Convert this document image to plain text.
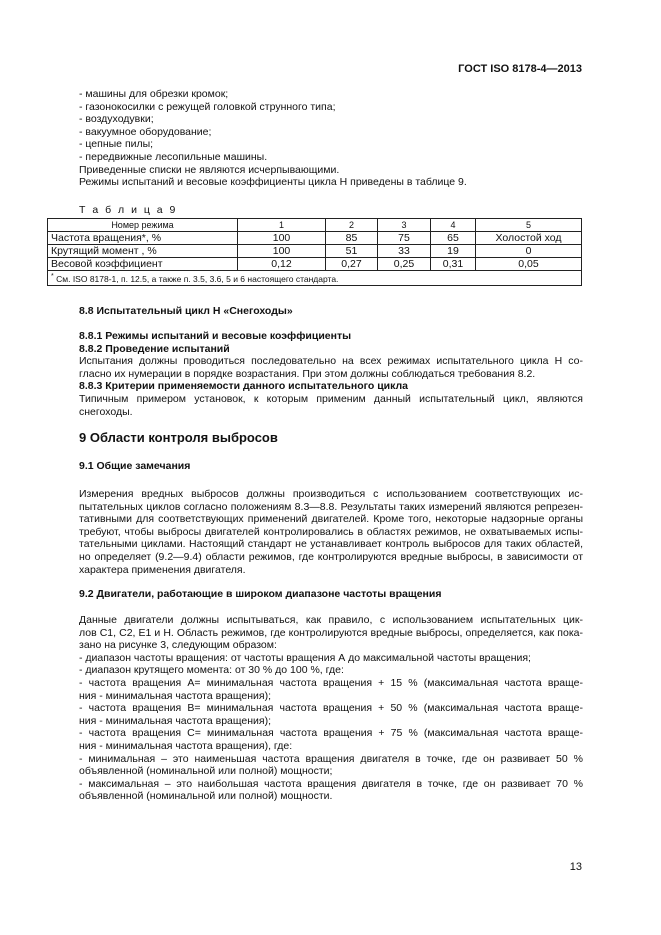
ГОСТ ISO 8178-4—2013
- машины для обрезки кромок;
- газонокосилки с режущей головкой струнного типа;
- воздуходувки;
- вакуумное оборудование;
- цепные пилы;
- передвижные лесопильные машины.
Приведенные списки не являются исчерпывающими.
Режимы испытаний и весовые коэффициенты цикла Н приведены в таблице 9.
Т а б л и ц а 9
Номер режима	1	2	3	4	5
Частота вращения*, %	100	85	75	65	Холостой ход
Крутящий момент , %	100	51	33	19	0
Весовой коэффициент	0,12	0,27	0,25	0,31	0,05
* См. ISO 8178-1, п. 12.5, а также п. 3.5, 3.6, 5 и 6 настоящего стандарта.					
8.8 Испытательный цикл Н «Снегоходы»
8.8.1 Режимы испытаний и весовые коэффициенты
8.8.2 Проведение испытаний
Испытания должны проводиться последовательно на всех режимах испытательного цикла Н со-
гласно их нумерации в порядке возрастания. При этом должны соблюдаться требования 8.2.
8.8.3 Критерии применяемости данного испытательного цикла
Типичным примером установок, к которым применим данный испытательный цикл, являются
снегоходы.
9 Области контроля выбросов
9.1 Общие замечания
Измерения вредных выбросов должны производиться с использованием соответствующих ис-
пытательных циклов согласно положениям 8.3—8.8. Результаты таких измерений являются репрезен-
тативными для соответствующих применений двигателей. Кроме того, некоторые надзорные органы
требуют, чтобы выбросы двигателей контролировались в областях режимов, не охватываемых испы-
тательными циклами. Настоящий стандарт не устанавливает контроль выбросов для таких областей,
но определяет (9.2—9.4) области режимов, где контролируются вредные выбросы, в зависимости от
характера применения двигателя.
9.2 Двигатели, работающие в широком диапазоне частоты вращения
Данные двигатели должны испытываться, как правило, с использованием испытательных цик-
лов С1, С2, Е1 и Н. Область режимов, где контролируются вредные выбросы, определяется, как пока-
зано на рисунке 3, следующим образом:
- диапазон частоты вращения: от частоты вращения А до максимальной частоты вращения;
- диапазон крутящего момента: от 30 % до 100 %, где:
- частота вращения А= минимальная частота вращения + 15 % (максимальная частота враще-
ния - минимальная частота вращения);
- частота вращения В= минимальная частота вращения + 50 % (максимальная частота враще-
ния - минимальная частота вращения);
- частота вращения С= минимальная частота вращения + 75 % (максимальная частота враще-
ния - минимальная частота вращения), где:
- минимальная – это наименьшая частота вращения двигателя в точке, где он развивает 50 %
объявленной (номинальной или полной) мощности;
- максимальная – это наибольшая частота вращения двигателя в точке, где он развивает 70 %
объявленной (номинальной или полной) мощности.
13
